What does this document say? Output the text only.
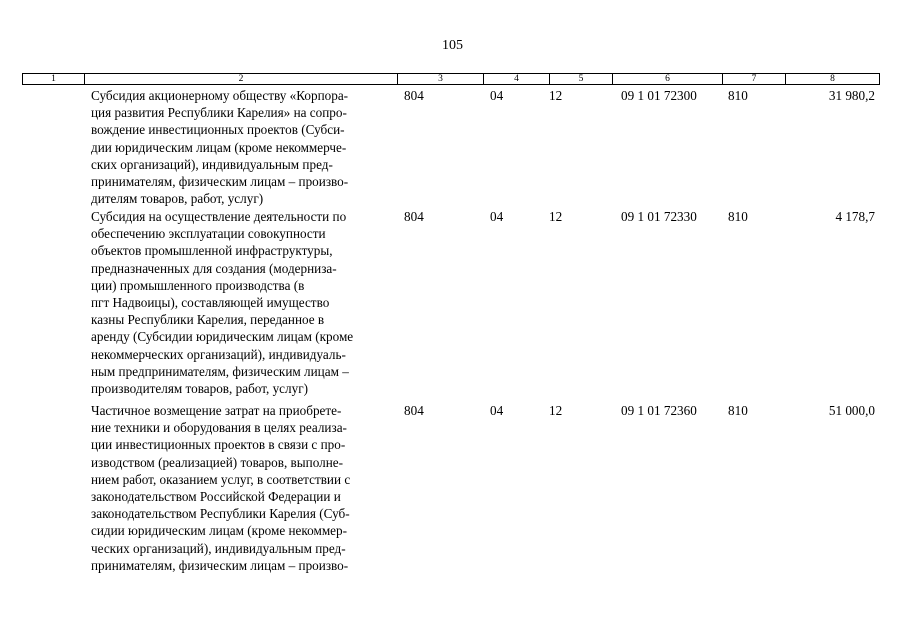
105
1	2	3	4	5	6	7	8
Субсидия акционерному обществу «Корпора-
ция развития Республики Карелия» на сопро-
вождение инвестиционных проектов (Субси-
дии юридическим лицам (кроме некоммерче-
ских организаций), индивидуальным пред-
принимателям, физическим лицам – произво-
дителям товаров, работ, услуг)
804	04	12	09 1 01 72300 810	31 980,2
Субсидия на осуществление деятельности по
обеспечению эксплуатации совокупности
объектов промышленной инфраструктуры,
предназначенных для создания (модерниза-
ции) промышленного производства (в
пгт Надвоицы), составляющей имущество
казны Республики Карелия, переданное в
аренду (Субсидии юридическим лицам (кроме
некоммерческих организаций), индивидуаль-
ным предпринимателям, физическим лицам –
производителям товаров, работ, услуг)
804	04	12	09 1 01 72330 810	4 178,7
Частичное возмещение затрат на приобрете-
ние техники и оборудования в целях реализа-
ции инвестиционных проектов в связи с про-
изводством (реализацией) товаров, выполне-
нием работ, оказанием услуг, в соответствии с
законодательством Российской Федерации и
законодательством Республики Карелия (Суб-
сидии юридическим лицам (кроме некоммер-
ческих организаций), индивидуальным пред-
принимателям, физическим лицам – произво-
804	04	12	09 1 01 72360 810	51 000,0
